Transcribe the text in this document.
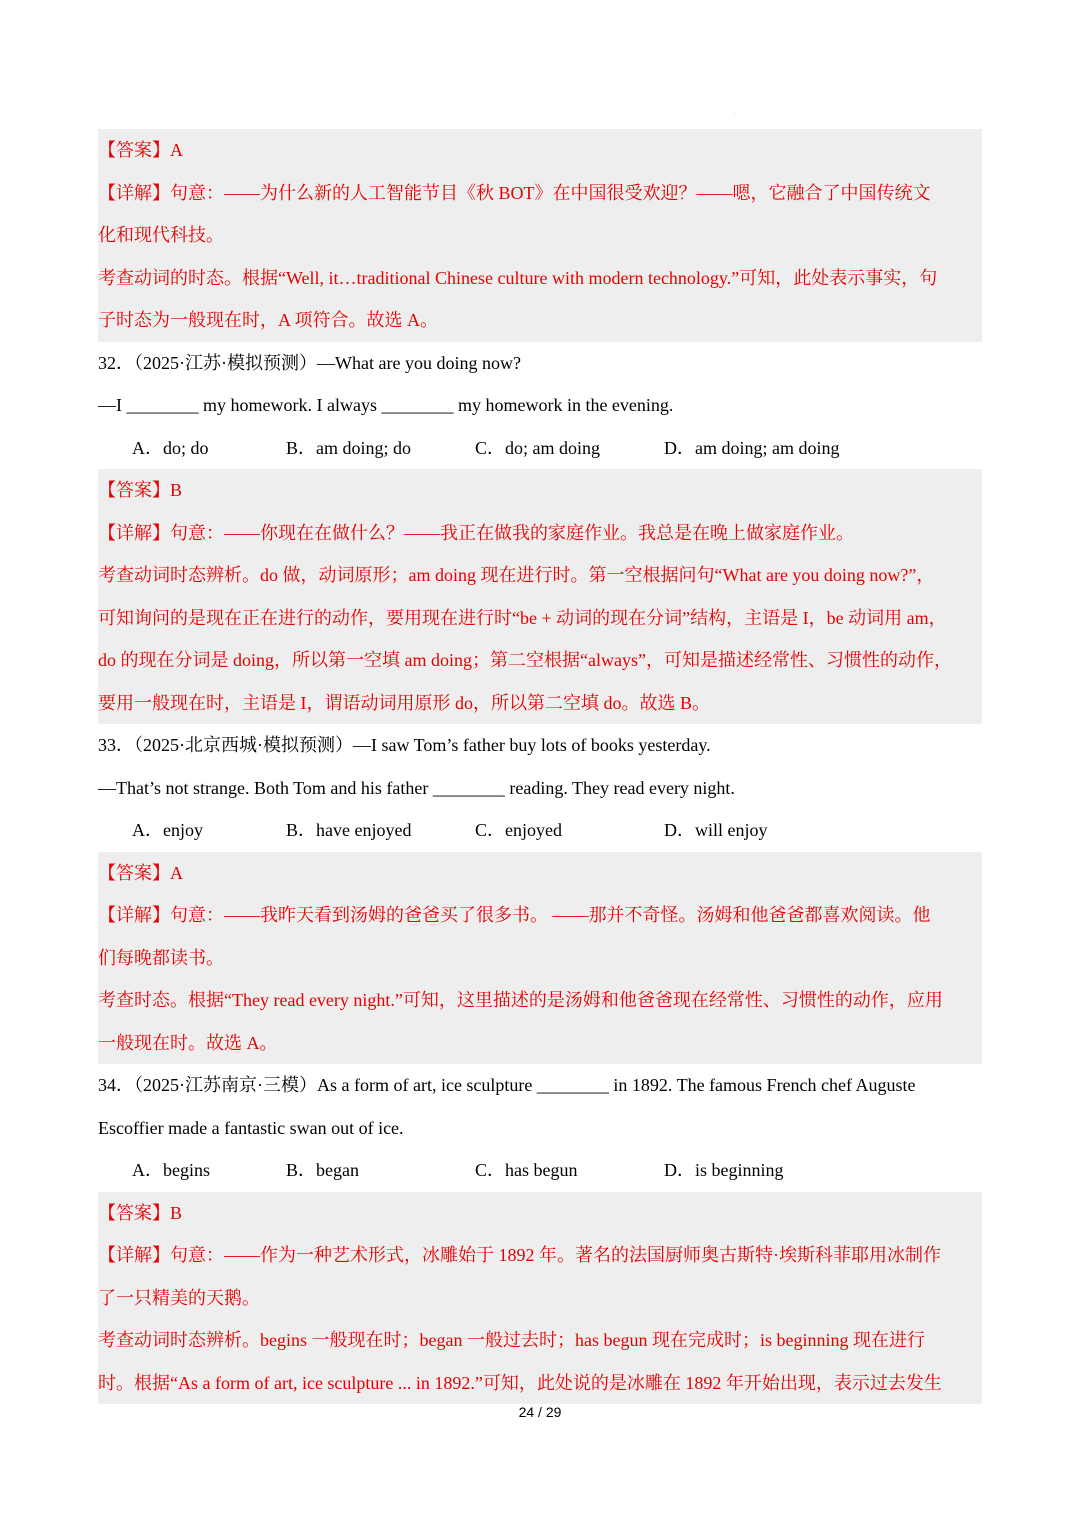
.
【答案】A
【详解】句意：——为什么新的人工智能节目《秋 BOT》在中国很受欢迎？——嗯，它融合了中国传统文
化和现代科技。
考查动词的时态。根据“Well, it…traditional Chinese culture with modern technology.”可知，此处表示事实，句
子时态为一般现在时，A 项符合。故选 A。
32．（2025·江苏·模拟预测）—What are you doing now?
—I ________ my homework. I always ________ my homework in the evening.
A．do; do	B．am doing; do	C．do; am doing	D．am doing; am doing
【答案】B
【详解】句意：——你现在在做什么？——我正在做我的家庭作业。我总是在晚上做家庭作业。
考查动词时态辨析。do 做，动词原形；am doing 现在进行时。第一空根据问句“What are you doing now?”，
可知询问的是现在正在进行的动作，要用现在进行时“be + 动词的现在分词”结构，主语是 I，be 动词用 am，
do 的现在分词是 doing，所以第一空填 am doing；第二空根据“always”，可知是描述经常性、习惯性的动作，
要用一般现在时，主语是 I，谓语动词用原形 do，所以第二空填 do。故选 B。
33．（2025·北京西城·模拟预测）—I saw Tom’s father buy lots of books yesterday.
—That’s not strange. Both Tom and his father ________ reading. They read every night.
A．enjoy	B．have enjoyed	C．enjoyed	D．will enjoy
【答案】A
【详解】句意：——我昨天看到汤姆的爸爸买了很多书。 ——那并不奇怪。汤姆和他爸爸都喜欢阅读。他
们每晚都读书。
考查时态。根据“They read every night.”可知，这里描述的是汤姆和他爸爸现在经常性、习惯性的动作，应用
一般现在时。故选 A。
34．（2025·江苏南京·三模）As a form of art, ice sculpture ________ in 1892. The famous French chef Auguste
Escoffier made a fantastic swan out of ice.
A．begins	B．began	C．has begun	D．is beginning
【答案】B
【详解】句意：——作为一种艺术形式，冰雕始于 1892 年。著名的法国厨师奥古斯特·埃斯科菲耶用冰制作
了一只精美的天鹅。
考查动词时态辨析。begins 一般现在时；began 一般过去时；has begun 现在完成时；is beginning 现在进行
时。根据“As a form of art, ice sculpture ... in 1892.”可知，此处说的是冰雕在 1892 年开始出现，表示过去发生
24 / 29
